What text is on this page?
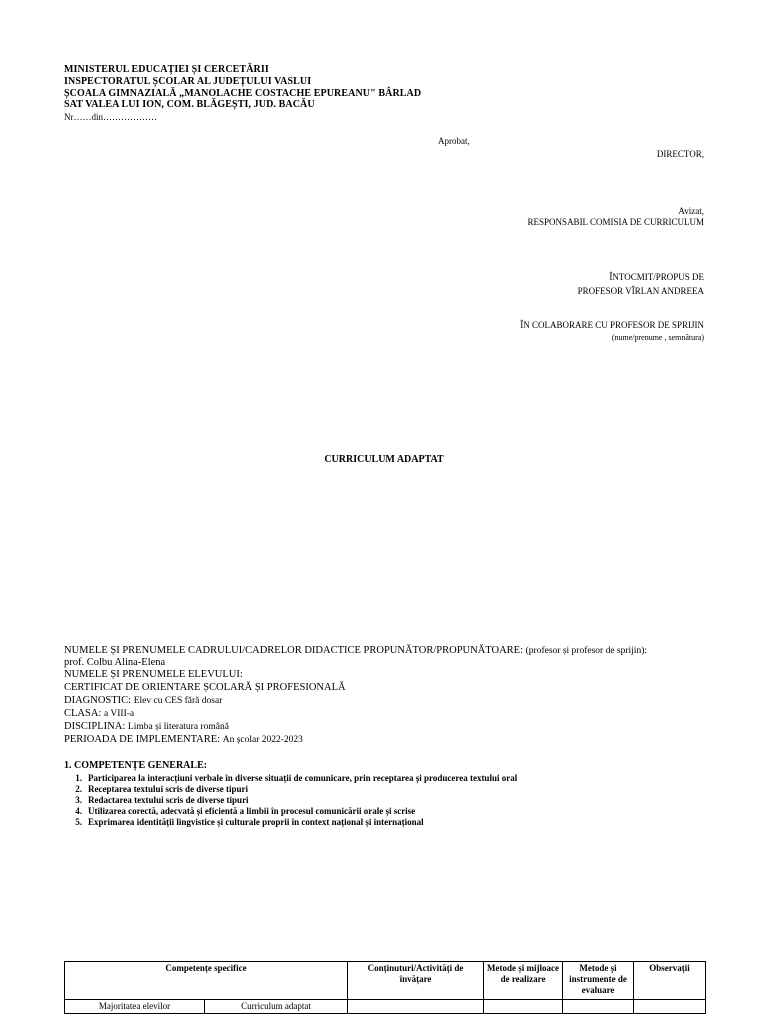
MINISTERUL EDUCAȚIEI ȘI CERCETĂRII
INSPECTORATUL ȘCOLAR AL JUDEȚULUI VASLUI
ȘCOALA GIMNAZIALĂ „MANOLACHE COSTACHE EPUREANU" BÂRLAD
SAT VALEA LUI ION, COM. BLĂGEȘTI, JUD. BACĂU
Nr……din………………
Aprobat,
DIRECTOR,
Avizat,
RESPONSABIL COMISIA DE CURRICULUM
ÎNTOCMIT/PROPUS DE
PROFESOR VÎRLAN ANDREEA
ÎN COLABORARE CU PROFESOR DE SPRIJIN
(nume/prenume , semnătura)
CURRICULUM ADAPTAT
NUMELE ȘI PRENUMELE CADRULUI/CADRELOR DIDACTICE PROPUNĂTOR/PROPUNĂTOARE: (profesor și profesor de sprijin):
prof. Colbu Alina-Elena
NUMELE ȘI PRENUMELE ELEVULUI:
CERTIFICAT DE ORIENTARE ȘCOLARĂ ȘI PROFESIONALĂ
DIAGNOSTIC: Elev cu CES fără dosar
CLASA: a VIII-a
DISCIPLINA: Limba și literatura română
PERIOADA DE IMPLEMENTARE: An școlar 2022-2023
1. COMPETENȚE GENERALE:
1. Participarea la interacțiuni verbale în diverse situații de comunicare, prin receptarea și producerea textului oral
2. Receptarea textului scris de diverse tipuri
3. Redactarea textului scris de diverse tipuri
4. Utilizarea corectă, adecvată și eficientă a limbii în procesul comunicării orale și scrise
5. Exprimarea identității lingvistice și culturale proprii în context național și internațional
Competențe specifice		Conținuturi/Activități de învățare	Metode și mijloace de realizare	Metode și instrumente de evaluare	Observații
Majoritatea elevilor	Curriculum adaptat				
